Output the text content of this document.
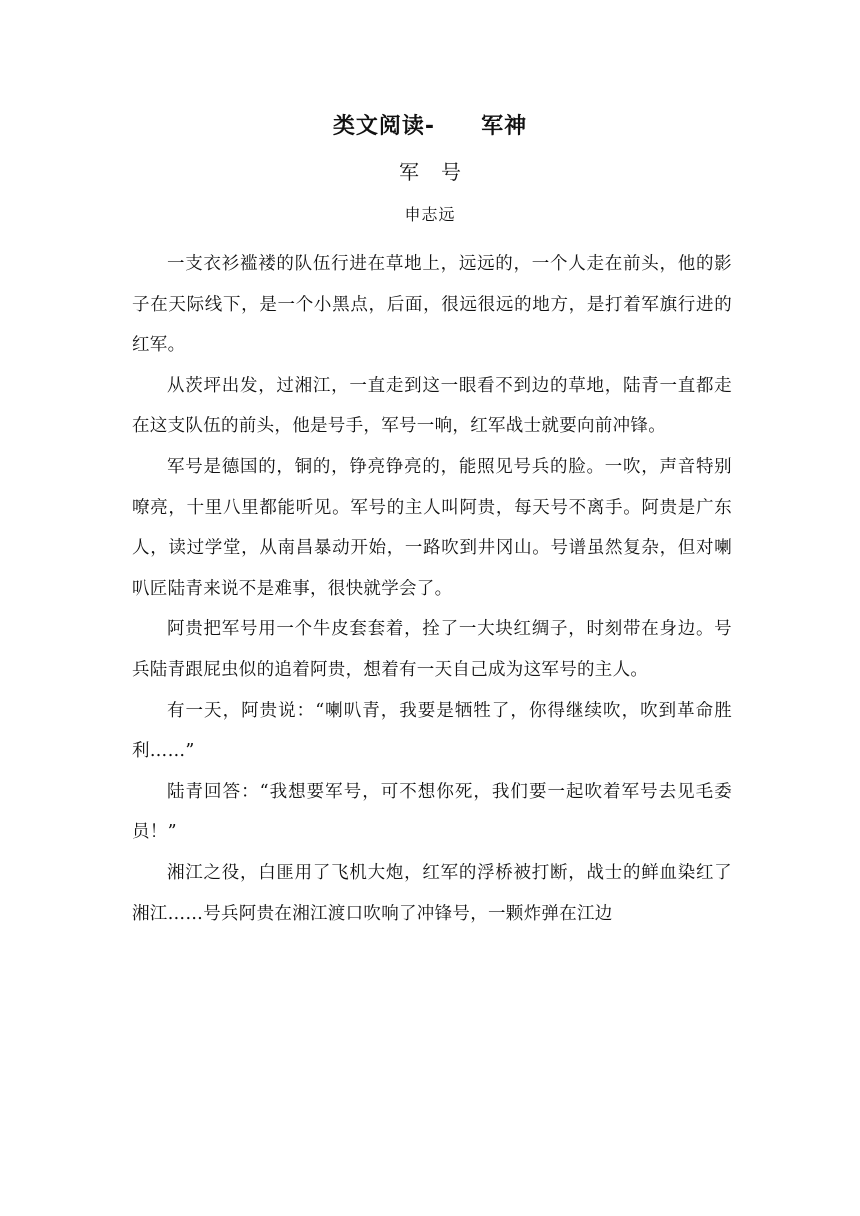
类文阅读- 军神
军号
申志远

一支衣衫褴褛的队伍行进在草地上，远远的，一个人走在前头，他的影子在天际线下，是一个小黑点，后面，很远很远的地方，是打着军旗行进的红军。

从茨坪出发，过湘江，一直走到这一眼看不到边的草地，陆青一直都走在这支队伍的前头，他是号手，军号一响，红军战士就要向前冲锋。

军号是德国的，铜的，铮亮铮亮的，能照见号兵的脸。一吹，声音特别嘹亮，十里八里都能听见。军号的主人叫阿贵，每天号不离手。阿贵是广东人，读过学堂，从南昌暴动开始，一路吹到井冈山。号谱虽然复杂，但对喇叭匠陆青来说不是难事，很快就学会了。

阿贵把军号用一个牛皮套套着，拴了一大块红绸子，时刻带在身边。号兵陆青跟屁虫似的追着阿贵，想着有一天自己成为这军号的主人。

有一天，阿贵说：“喇叭青，我要是牺牲了，你得继续吹，吹到革命胜利……”

陆青回答：“我想要军号，可不想你死，我们要一起吹着军号去见毛委员！”

湘江之役，白匪用了飞机大炮，红军的浮桥被打断，战士的鲜血染红了湘江……号兵阿贵在湘江渡口吹响了冲锋号，一颗炸弹在江边
